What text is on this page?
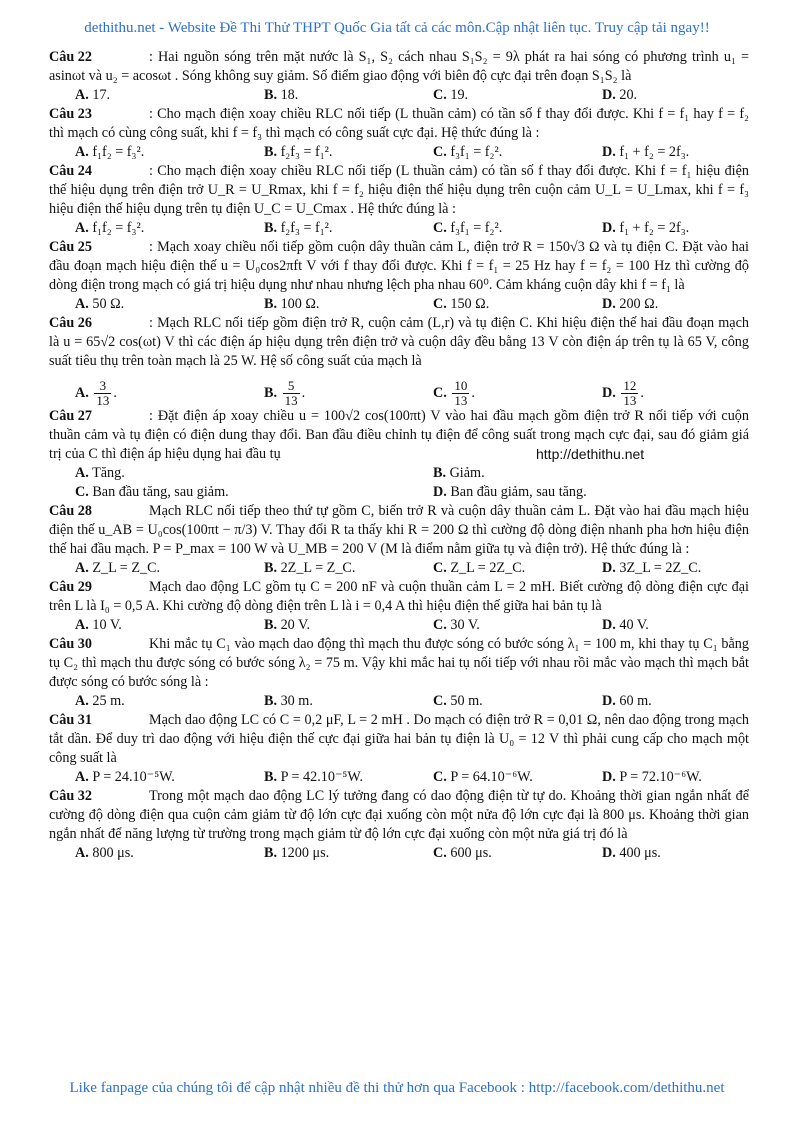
dethithu.net - Website Đề Thi Thử THPT Quốc Gia tất cả các môn.Cập nhật liên tục. Truy cập tải ngay!!
Câu 22	: Hai nguồn sóng trên mặt nước là S₁, S₂ cách nhau S₁S₂ = 9λ phát ra hai sóng có phương trình u₁ = asinωt và u₂ = acosωt . Sóng không suy giảm. Số điểm giao động với biên độ cực đại trên đoạn S₁S₂ là
A. 17.	B. 18.	C. 19.	D. 20.
Câu 23	: Cho mạch điện xoay chiều RLC nối tiếp (L thuần cảm) có tần số f thay đổi được. Khi f = f₁ hay f = f₂ thì mạch có cùng công suất, khi f = f₃ thì mạch có công suất cực đại. Hệ thức đúng là :
A. f₁f₂ = f₃².	B. f₂f₃ = f₁².	C. f₃f₁ = f₂².	D. f₁ + f₂ = 2f₃.
Câu 24	: Cho mạch điện xoay chiều RLC nối tiếp (L thuần cảm) có tần số f thay đổi được. Khi f = f₁ hiệu điện thế hiệu dụng trên điện trở U_R = U_Rmax, khi f = f₂ hiệu điện thế hiệu dụng trên cuộn cảm U_L = U_Lmax, khi f = f₃ hiệu điện thế hiệu dụng trên tụ điện U_C = U_Cmax . Hệ thức đúng là :
A. f₁f₂ = f₃².	B. f₂f₃ = f₁².	C. f₃f₁ = f₂².	D. f₁ + f₂ = 2f₃.
Câu 25	: Mạch xoay chiều nối tiếp gồm cuộn dây thuần cảm L, điện trở R = 150√3 Ω và tụ điện C. Đặt vào hai đầu đoạn mạch hiệu điện thế u = U₀cos2πft V với f thay đổi được. Khi f = f₁ = 25 Hz hay f = f₂ = 100 Hz thì cường độ dòng điện trong mạch có giá trị hiệu dụng như nhau nhưng lệch pha nhau 60⁰. Cảm kháng cuộn dây khi f = f₁ là
A. 50 Ω.	B. 100 Ω.	C. 150 Ω.	D. 200 Ω.
Câu 26	: Mạch RLC nối tiếp gồm điện trở R, cuộn cảm (L,r) và tụ điện C. Khi hiệu điện thế hai đầu đoạn mạch là u = 65√2 cos(ωt) V thì các điện áp hiệu dụng trên điện trở và cuộn dây đều bằng 13 V còn điện áp trên tụ là 65 V, công suất tiêu thụ trên toàn mạch là 25 W. Hệ số công suất của mạch là
A. $\frac{3}{13}$ .	B. $\frac{5}{13}$ .	C. $\frac{10}{13}$ .	D. $\frac{12}{13}$ .
Câu 27	: Đặt điện áp xoay chiều u = 100√2 cos(100πt) V vào hai đầu mạch gồm điện trở R nối tiếp với cuộn thuần cảm và tụ điện có điện dung thay đổi. Ban đầu điều chỉnh tụ điện để công suất trong mạch cực đại, sau đó giảm giá trị của C thì điện áp hiệu dụng hai đầu tụ	http://dethithu.net
A. Tăng.	B. Giảm.
C. Ban đầu tăng, sau giảm.	D. Ban đầu giảm, sau tăng.
Câu 28	Mạch RLC nối tiếp theo thứ tự gồm C, biến trở R và cuộn dây thuần cảm L. Đặt vào hai đầu mạch hiệu điện thế u_AB = U₀cos(100πt − π/3) V. Thay đổi R ta thấy khi R = 200 Ω thì cường độ dòng điện nhanh pha hơn hiệu điện thế hai đầu mạch. P = P_max = 100 W và U_MB = 200 V (M là điểm nằm giữa tụ và điện trở). Hệ thức đúng là :
A. Z_L = Z_C.	B. 2Z_L = Z_C.	C. Z_L = 2Z_C.	D. 3Z_L = 2Z_C.
Câu 29	Mạch dao động LC gồm tụ C = 200 nF và cuộn thuần cảm L = 2 mH. Biết cường độ dòng điện cực đại trên L là I₀ = 0,5 A. Khi cường độ dòng điện trên L là i = 0,4 A thì hiệu điện thế giữa hai bản tụ là
A. 10 V.	B. 20 V.	C. 30 V.	D. 40 V.
Câu 30	Khi mắc tụ C₁ vào mạch dao động thì mạch thu được sóng có bước sóng λ₁ = 100 m, khi thay tụ C₁ bằng tụ C₂ thì mạch thu được sóng có bước sóng λ₂ = 75 m. Vậy khi mắc hai tụ nối tiếp với nhau rồi mắc vào mạch thì mạch bắt được sóng có bước sóng là :
A. 25 m.	B. 30 m.	C. 50 m.	D. 60 m.
Câu 31	Mạch dao động LC có C = 0,2 μF, L = 2 mH . Do mạch có điện trở R = 0,01 Ω, nên dao động trong mạch tắt dần. Để duy trì dao động với hiệu điện thế cực đại giữa hai bản tụ điện là U₀ = 12 V thì phải cung cấp cho mạch một công suất là
A. P = 24.10⁻⁵W.	B. P = 42.10⁻⁵W.	C. P = 64.10⁻⁶W.	D. P = 72.10⁻⁶W.
Câu 32	Trong một mạch dao động LC lý tưởng đang có dao động điện từ tự do. Khoảng thời gian ngắn nhất để cường độ dòng điện qua cuộn cảm giảm từ độ lớn cực đại xuống còn một nửa độ lớn cực đại là 800 μs. Khoảng thời gian ngắn nhất để năng lượng từ trường trong mạch giảm từ độ lớn cực đại xuống còn một nửa giá trị đó là
A. 800 μs.	B. 1200 μs.	C. 600 μs.	D. 400 μs.
Like fanpage của chúng tôi để cập nhật nhiều đề thi thử hơn qua Facebook : http://facebook.com/dethithu.net
